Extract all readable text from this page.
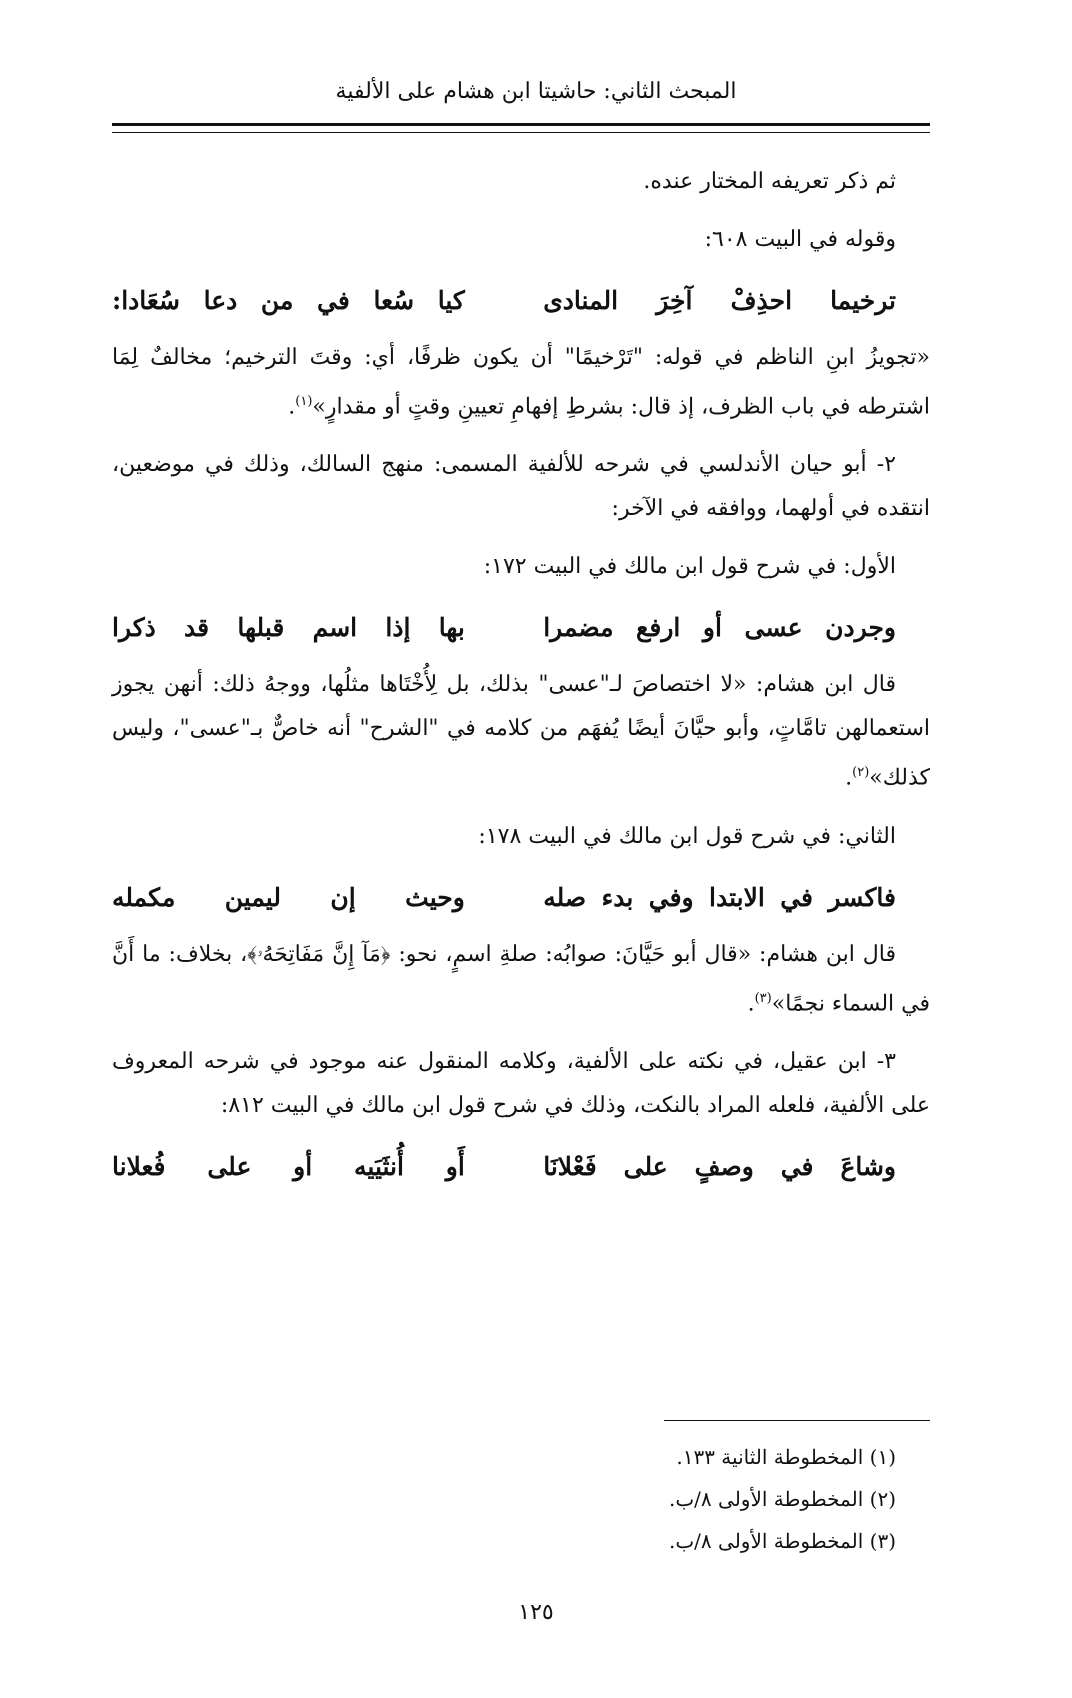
المبحث الثاني: حاشيتا ابن هشام على الألفية

ثم ذكر تعريفه المختار عنده.

وقوله في البيت ٦٠٨:

ترخيما احذِفْ آخِرَ المنادى
كيا سُعا في من دعا سُعَادا:

«تجويزُ ابنِ الناظم في قوله: "تَرْخيمًا" أن يكون ظرفًا، أي: وقتَ الترخيم؛ مخالفٌ لِمَا اشترطه في باب الظرف، إذ قال: بشرطِ إفهامِ تعيينِ وقتٍ أو مقدارٍ»$^{(١)}$.

٢- أبو حيان الأندلسي في شرحه للألفية المسمى: منهج السالك، وذلك في موضعين، انتقده في أولهما، ووافقه في الآخر:

الأول: في شرح قول ابن مالك في البيت ١٧٢:

وجردن عسى أو ارفع مضمرا
بها إذا اسم قبلها قد ذكرا

قال ابن هشام: «لا اختصاصَ لـ"عسى" بذلك، بل لِأُخْتَاها مثلُها، ووجهُ ذلك: أنهن يجوز استعمالهن تامَّاتٍ، وأبو حيَّانَ أيضًا يُفهَم من كلامه في "الشرح" أنه خاصٌّ بـ"عسى"، وليس كذلك»$^{(٢)}$.

الثاني: في شرح قول ابن مالك في البيت ١٧٨:

فاكسر في الابتدا وفي بدء صله
وحيث إن ليمين مكمله

قال ابن هشام: «قال أبو حَيَّانَ: صوابُه: صلةِ اسمٍ، نحو: ﴿مَآ إِنَّ مَفَاتِحَهُۥ﴾، بخلاف: ما أَنَّ في السماء نجمًا»$^{(٣)}$.

٣- ابن عقيل، في نكته على الألفية، وكلامه المنقول عنه موجود في شرحه المعروف على الألفية، فلعله المراد بالنكت، وذلك في شرح قول ابن مالك في البيت ٨١٢:

وشاعَ في وصفٍ على فَعْلانَا
أَو أُنثَيَيه أو على فُعلانا
(١) المخطوطة الثانية ١٣٣.
(٢) المخطوطة الأولى ٨/ب.
(٣) المخطوطة الأولى ٨/ب.
١٢٥
